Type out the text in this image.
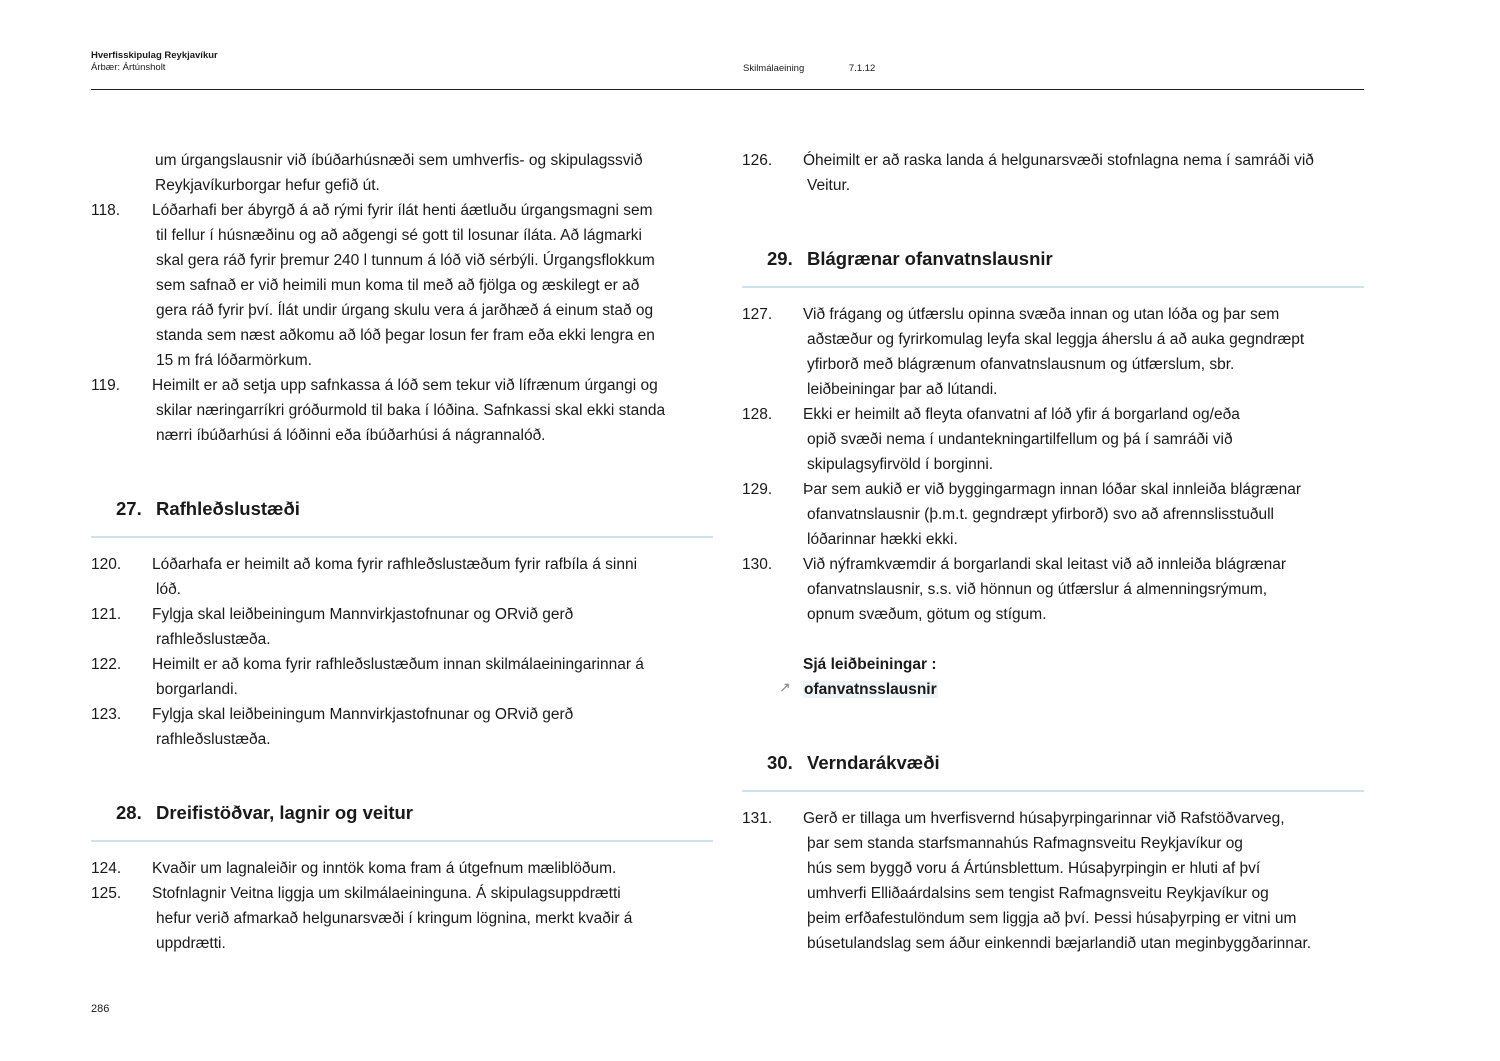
Hverfisskipulag Reykjavíkur
Árbær: Ártúnsholt	Skilmálaeining	7.1.12
um úrgangslausnir við íbúðarhúsnæði sem umhverfis- og skipulagssvið
Reykjavíkurborgar hefur gefið út.
118.	Lóðarhafi ber ábyrgð á að rými fyrir ílát henti áætluðu úrgangsmagni sem
til fellur í húsnæðinu og að aðgengi sé gott til losunar íláta. Að lágmarki
skal gera ráð fyrir þremur 240 l tunnum á lóð við sérbýli. Úrgangsflokkum
sem safnað er við heimili mun koma til með að fjölga og æskilegt er að
gera ráð fyrir því. Ílát undir úrgang skulu vera á jarðhæð á einum stað og
standa sem næst aðkomu að lóð þegar losun fer fram eða ekki lengra en
15 m frá lóðarmörkum.
119.	Heimilt er að setja upp safnkassa á lóð sem tekur við lífrænum úrgangi og
skilar næringarríkri gróðurmold til baka í lóðina. Safnkassi skal ekki standa
nærri íbúðarhúsi á lóðinni eða íbúðarhúsi á nágrannalóð.
27. Rafhleðslustæði
120.	Lóðarhafa er heimilt að koma fyrir rafhleðslustæðum fyrir rafbíla á sinni
lóð.
121.	Fylgja skal leiðbeiningum Mannvirkjastofnunar og ORvið gerð
rafhleðslustæða.
122.	Heimilt er að koma fyrir rafhleðslustæðum innan skilmálaeiningarinnar á
borgarlandi.
123.	Fylgja skal leiðbeiningum Mannvirkjastofnunar og ORvið gerð
rafhleðslustæða.
28. Dreifistöðvar, lagnir og veitur
124.	Kvaðir um lagnaleiðir og inntök koma fram á útgefnum mæliblöðum.
125.	Stofnlagnir Veitna liggja um skilmálaeininguna. Á skipulagsuppdrætti
hefur verið afmarkað helgunarsvæði í kringum lögnina, merkt kvaðir á
uppdrætti.
126.	Óheimilt er að raska landa á helgunarsvæði stofnlagna nema í samráði við
Veitur.
29. Blágrænar ofanvatnslausnir
127.	Við frágang og útfærslu opinna svæða innan og utan lóða og þar sem
aðstæður og fyrirkomulag leyfa skal leggja áherslu á að auka gegndræpt
yfirborð með blágrænum ofanvatnslausnum og útfærslum, sbr.
leiðbeiningar þar að lútandi.
128.	Ekki er heimilt að fleyta ofanvatni af lóð yfir á borgarland og/eða
opið svæði nema í undantekningartilfellum og þá í samráði við
skipulagsyfirvöld í borginni.
129.	Þar sem aukið er við byggingarmagn innan lóðar skal innleiða blágrænar
ofanvatnslausnir (þ.m.t. gegndræpt yfirborð) svo að afrennslisstuðull
lóðarinnar hækki ekki.
130.	Við nýframkvæmdir á borgarlandi skal leitast við að innleiða blágrænar
ofanvatnslausnir, s.s. við hönnun og útfærslur á almenningsrýmum,
opnum svæðum, götum og stígum.
Sjá leiðbeiningar :
↗ ofanvatnsslausnir
30. Verndarákvæði
131.	Gerð er tillaga um hverfisvernd húsaþyrpingarinnar við Rafstöðvarveg,
þar sem standa starfsmannahús Rafmagnsveitu Reykjavíkur og
hús sem byggð voru á Ártúnsblettum. Húsaþyrpingin er hluti af því
umhverfi Elliðaárdalsins sem tengist Rafmagnsveitu Reykjavíkur og
þeim erfðafestulöndum sem liggja að því. Þessi húsaþyrping er vitni um
búsetulandslag sem áður einkenndi bæjarlandið utan meginbyggðarinnar.
286
